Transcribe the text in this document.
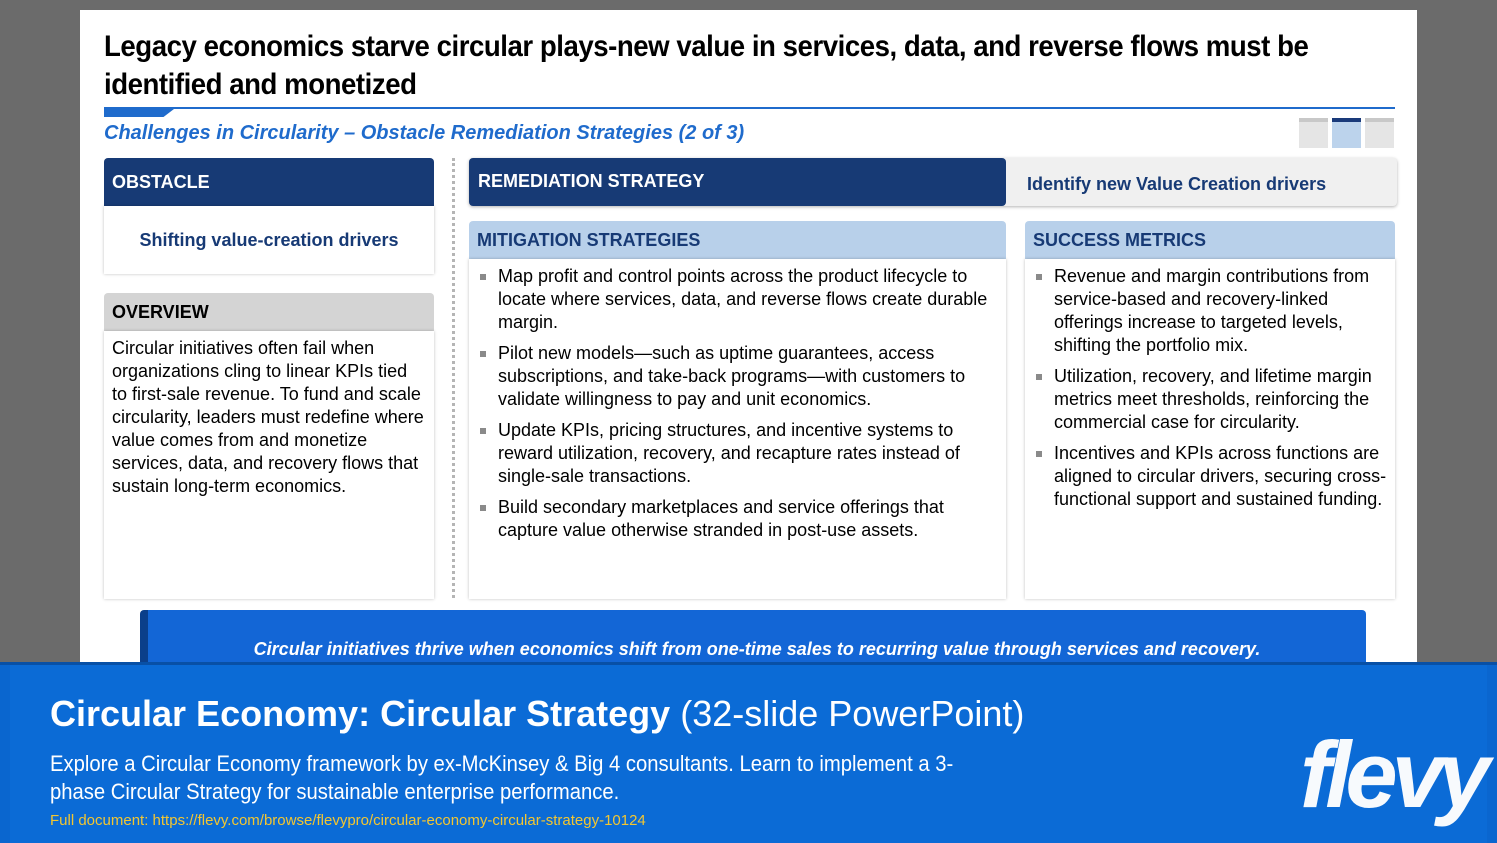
Legacy economics starve circular plays-new value in services, data, and reverse flows must be
identified and monetized
Challenges in Circularity – Obstacle Remediation Strategies (2 of 3)
OBSTACLE
Shifting value-creation drivers
OVERVIEW
Circular initiatives often fail when organizations cling to linear KPIs tied to first-sale revenue. To fund and scale circularity, leaders must redefine where value comes from and monetize services, data, and recovery flows that sustain long-term economics.
REMEDIATION STRATEGY	Identify new Value Creation drivers
MITIGATION STRATEGIES
Map profit and control points across the product lifecycle to locate where services, data, and reverse flows create durable margin.
Pilot new models—such as uptime guarantees, access subscriptions, and take-back programs—with customers to validate willingness to pay and unit economics.
Update KPIs, pricing structures, and incentive systems to reward utilization, recovery, and recapture rates instead of single-sale transactions.
Build secondary marketplaces and service offerings that capture value otherwise stranded in post-use assets.
SUCCESS METRICS
Revenue and margin contributions from service-based and recovery-linked offerings increase to targeted levels, shifting the portfolio mix.
Utilization, recovery, and lifetime margin metrics meet thresholds, reinforcing the commercial case for circularity.
Incentives and KPIs across functions are aligned to circular drivers, securing cross-functional support and sustained funding.
Circular initiatives thrive when economics shift from one-time sales to recurring value through services and recovery.
Circular Economy: Circular Strategy (32-slide PowerPoint)
Explore a Circular Economy framework by ex-McKinsey & Big 4 consultants. Learn to implement a 3-phase Circular Strategy for sustainable enterprise performance.
Full document: https://flevy.com/browse/flevypro/circular-economy-circular-strategy-10124	flevy
